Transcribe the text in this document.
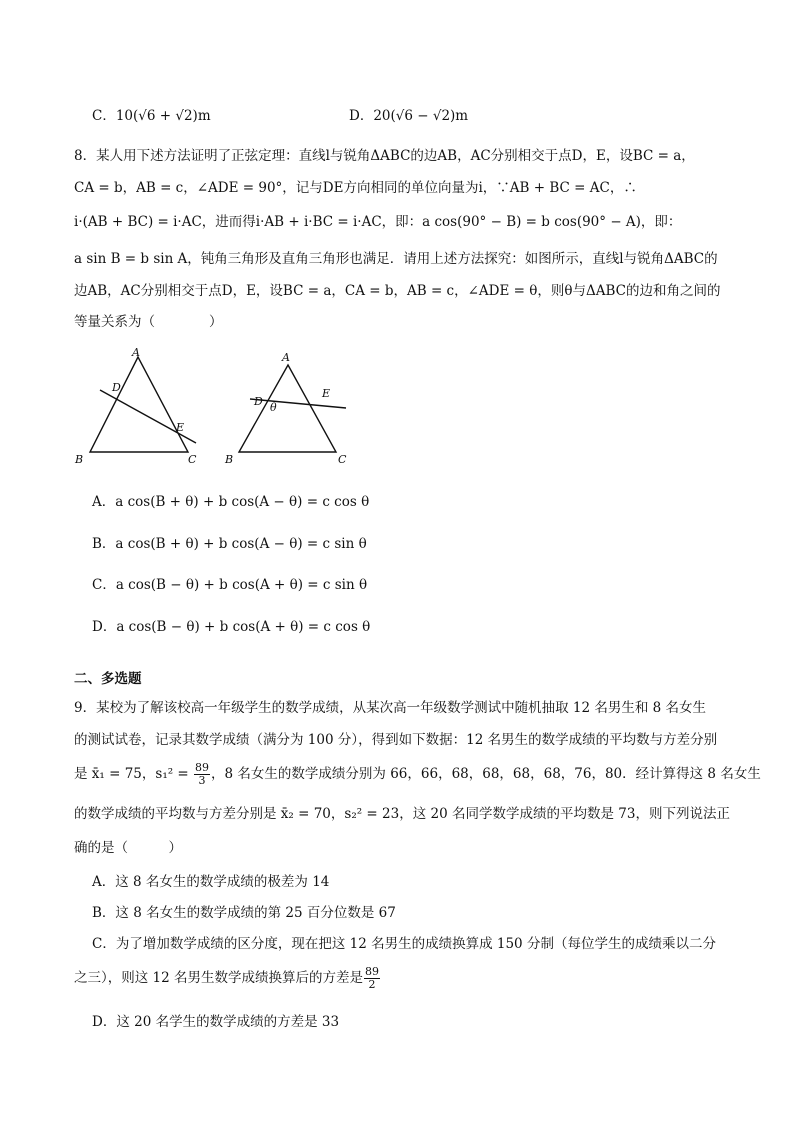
C．10(√6 + √2)m	D．20(√6 − √2)m
8．某人用下述方法证明了正弦定理：直线l与锐角ΔABC的边AB，AC分别相交于点D，E，设BC = a，
CA = b，AB = c，∠ADE = 90°，记与DE方向相同的单位向量为i，∵AB + BC = AC，∴
i·(AB + BC) = i·AC，进而得i·AB + i·BC = i·AC，即：a cos(90° − B) = b cos(90° − A)，即：
a sin B = b sin A，钝角三角形及直角三角形也满足．请用上述方法探究：如图所示，直线l与锐角ΔABC的
边AB，AC分别相交于点D，E，设BC = a，CA = b，AB = c，∠ADE = θ，则θ与ΔABC的边和角之间的
等量关系为（　　　　）
A
D
E
B	C
A
D θ
E
B	C
A．a cos(B + θ) + b cos(A − θ) = c cos θ
B．a cos(B + θ) + b cos(A − θ) = c sin θ
C．a cos(B − θ) + b cos(A + θ) = c sin θ
D．a cos(B − θ) + b cos(A + θ) = c cos θ
二、多选题
9．某校为了解该校高一年级学生的数学成绩，从某次高一年级数学测试中随机抽取 12 名男生和 8 名女生
的测试试卷，记录其数学成绩（满分为 100 分），得到如下数据：12 名男生的数学成绩的平均数与方差分别
是 x̄₁ = 75，$s_1^2 = \frac{89}{3}$ ，8 名女生的数学成绩分别为 66，66，68，68，68，68，76，80．经计算得这 8 名女生
的数学成绩的平均数与方差分别是 x̄₂ = 70，s₂² = 23，这 20 名同学数学成绩的平均数是 73，则下列说法正
确的是（　　　）
A．这 8 名女生的数学成绩的极差为 14
B．这 8 名女生的数学成绩的第 25 百分位数是 67
C．为了增加数学成绩的区分度，现在把这 12 名男生的成绩换算成 150 分制（每位学生的成绩乘以二分
之三），则这 12 名男生数学成绩换算后的方差是 $\frac{89}{2}$
D．这 20 名学生的数学成绩的方差是 33
